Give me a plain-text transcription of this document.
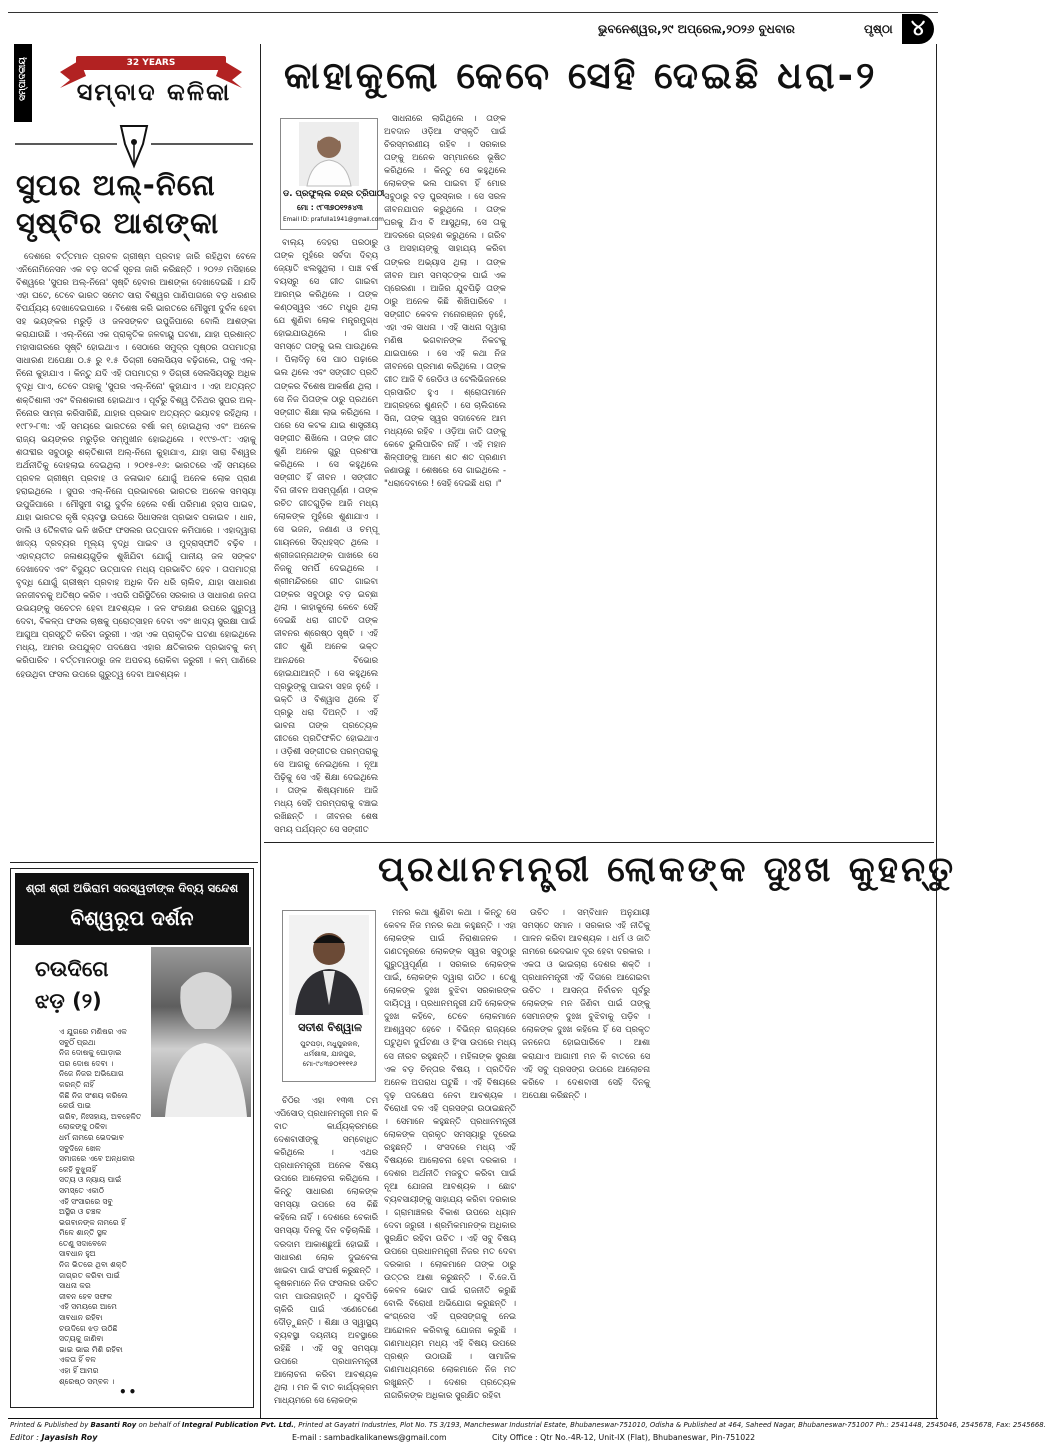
ଭୁବନେଶ୍ୱର,୨୯ ଅପ୍ରେଲ,୨୦୨୬ ବୁଧବାର	ପୃଷ୍ଠା ୪
ସମ୍ପାଦକୀୟ	32 YEARS
ସମ୍ବାଦ କଳିକା
ସୁପର ଅଲ୍-ନିନୋ
ସୃଷ୍ଟିର ଆଶଙ୍କା

ଦେଶରେ ବର୍ତ୍ତମାନ ପ୍ରବଳ ଗ୍ରୀଷ୍ମ ପ୍ରବାହ ଜାରି ରହିଥିବା ବେଳେ ଏନିନୋମିନେସନ ଏକ ବଡ଼ ସତର୍କ ସୂଚନା ଜାରି କରିଛନ୍ତି । ୨୦୨୬ ମସିହାରେ ବିଶ୍ୱରେ 'ସୁପର ଅଲ୍-ନିନୋ' ସୃଷ୍ଟି ହେବାର ଆଶଙ୍କା ଦେଖାଦେଇଛି । ଯଦି ଏହା ଘଟେ, ତେବେ ଭାରତ ସମେତ ସାରା ବିଶ୍ୱର ପାଣିପାଗରେ ବଡ଼ ଧରଣର ବିପର୍ଯ୍ୟୟ ଦେଖାଦେଇପାରେ । ବିଶେଷ କରି ଭାରତରେ ମୌସୁମୀ ଦୁର୍ବଳ ହେବା ସହ ଭୟଙ୍କର ମରୁଡ଼ି ଓ ଜଳସଙ୍କଟ ଉପୁଜିପାରେ ବୋଲି ଆଶଙ୍କା କରାଯାଉଛି । ଏଲ୍-ନିନୋ ଏକ ପ୍ରାକୃତିକ ଜଳବାୟୁ ଘଟଣା, ଯାହା ପ୍ରଶାନ୍ତ ମହାସାଗରରେ ସୃଷ୍ଟି ହୋଇଥାଏ । ସେଠାରେ ସମୁଦ୍ର ପୃଷ୍ଠର ତାପମାତ୍ରା ସାଧାରଣ ଅପେକ୍ଷା ୦.୫ ରୁ ୧.୫ ଡିଗ୍ରୀ ସେଲସିୟସ ବଢ଼ିଗଲେ, ତାକୁ ଏଲ୍-ନିନୋ କୁହାଯାଏ । କିନ୍ତୁ ଯଦି ଏହି ତାପମାତ୍ରା ୨ ଡିଗ୍ରୀ ସେଲସିୟସରୁ ଅଧିକ ବୃଦ୍ଧି ପାଏ, ତେବେ ତାହାକୁ 'ସୁପର ଏଲ୍-ନିନୋ' କୁହାଯାଏ । ଏହା ଅତ୍ୟନ୍ତ ଶକ୍ତିଶାଳୀ ଏବଂ ବିନାଶକାରୀ ହୋଇଥାଏ । ପୂର୍ବରୁ ବିଶ୍ୱ ତିନିଥର ସୁପର ଅଲ୍-ନିନୋର ସାମ୍ନା କରିସାରିଛି, ଯାହାର ପ୍ରଭାବ ଅତ୍ୟନ୍ତ ଭୟାବହ ରହିଥିଲା । ୧୯୮୨-୮୩: ଏହି ସମୟରେ ଭାରତରେ ବର୍ଷା କମ୍ ହୋଇଥିଲା ଏବଂ ଅନେକ ରାଜ୍ୟ ଭୟଙ୍କର ମରୁଡ଼ିର ସମ୍ମୁଖୀନ ହୋଇଥିଲେ । ୧୯୯୭-୯୮: ଏହାକୁ ଶତାବ୍ଦୀର ସବୁଠାରୁ ଶକ୍ତିଶାଳୀ ଅଲ୍-ନିନୋ କୁହାଯାଏ, ଯାହା ସାରା ବିଶ୍ୱର ଅର୍ଥନୀତିକୁ ଦୋହଲାଇ ଦେଇଥିଲା । ୨୦୧୫-୧୬: ଭାରତରେ ଏହି ସମୟରେ ପ୍ରବଳ ଗ୍ରୀଷ୍ମ ପ୍ରବାହ ଓ ଜଳାଭାବ ଯୋଗୁଁ ଅନେକ ଲୋକ ପ୍ରାଣ ହରାଇଥିଲେ । ସୁପର ଏଲ୍-ନିନୋ ପ୍ରଭାବରେ ଭାରତର ଅନେକ ସମସ୍ୟା ଉପୁଜିପାରେ । ମୌସୁମୀ ବାୟୁ ଦୁର୍ବଳ ହେଲେ ବର୍ଷା ପରିମାଣ ହ୍ରାସ ପାଇବ, ଯାହା ଭାରତର କୃଷି ବ୍ୟବସ୍ଥା ଉପରେ ସିଧାସଳଖ ପ୍ରଭାବ ପକାଇବ । ଧାନ, ଡାଲି ଓ ତୈଳବୀଜ ଭଳି ଖରିଫ ଫସଲର ଉତ୍ପାଦନ କମିପାରେ । ଏହାଦ୍ୱାରା ଖାଦ୍ୟ ଦ୍ରବ୍ୟର ମୂଲ୍ୟ ବୃଦ୍ଧି ପାଇବ ଓ ମୁଦ୍ରାସ୍ଫୀତି ବଢ଼ିବ । ଏହାବ୍ୟତୀତ ଜଳାଶୟଗୁଡ଼ିକ ଶୁଖିଯିବା ଯୋଗୁଁ ପାନୀୟ ଜଳ ସଙ୍କଟ ଦେଖାଦେବ ଏବଂ ବିଦ୍ୟୁତ ଉତ୍ପାଦନ ମଧ୍ୟ ପ୍ରଭାବିତ ହେବ । ତାପମାତ୍ରା ବୃଦ୍ଧି ଯୋଗୁଁ ଗ୍ରୀଷ୍ମ ପ୍ରବାହ ଅଧିକ ଦିନ ଧରି ଚାଲିବ, ଯାହା ସାଧାରଣ ଜନଜୀବନକୁ ଅତିଷ୍ଠ କରିବ । ଏପରି ପରିସ୍ଥିତିରେ ସରକାର ଓ ସାଧାରଣ ଜନତା ଉଭୟଙ୍କୁ ସଚେତନ ହେବା ଆବଶ୍ୟକ । ଜଳ ସଂରକ୍ଷଣ ଉପରେ ଗୁରୁତ୍ୱ ଦେବା, ବିକଳ୍ପ ଫସଲ ଚାଷକୁ ପ୍ରୋତ୍ସାହନ ଦେବା ଏବଂ ଖାଦ୍ୟ ସୁରକ୍ଷା ପାଇଁ ଆଗୁଆ ପ୍ରସ୍ତୁତି କରିବା ଜରୁରୀ । ଏହା ଏକ ପ୍ରାକୃତିକ ଘଟଣା ହୋଇଥିଲେ ମଧ୍ୟ, ଆମର ଉପଯୁକ୍ତ ପଦକ୍ଷେପ ଏହାର କ୍ଷତିକାରକ ପ୍ରଭାବକୁ କମ୍ କରିପାରିବ । ବର୍ତ୍ତମାନଠାରୁ ଜଳ ଅପଚୟ ରୋକିବା ଜରୁରୀ । କମ୍ ପାଣିରେ ହେଉଥିବା ଫସଲ ଉପରେ ଗୁରୁତ୍ୱ ଦେବା ଆବଶ୍ୟକ ।

ଶ୍ରୀ ଶ୍ରୀ ଅଭିରାମ ସରସ୍ୱତୀଙ୍କ ଦିବ୍ୟ ସନ୍ଦେଶ
ବିଶ୍ୱରୂପ ଦର୍ଶନ
ଚଉଦିଗେ
ଝଡ଼ (୨)
ଏ ଯୁଗରେ ମଣିଷର ଏକ
ସବୁଠିଁ ପ୍ରଥା
ନିଜ ଦୋଷକୁ ଘୋଡ଼ାଇ
ପର ଦୋଷ ଦେବା ।
ନିଜେ ନିଜର ଅଭିଯୋଗ
କରନ୍ତି ନାହିଁ
କିଛି ନିଜ ସଂଶୟ କରିଲେ
କେଉଁ ପାଇ
ଗରିବ, ନିଃସହାୟ, ଅବହେଳିତ
ଲୋକଙ୍କୁ ଠକିବା
ଧର୍ମ ନାମରେ ଭେଦଭାବ
ସବୁଦିନେ ଖେଳ
ସମାଜରେ ଏବେ ଅନ୍ଧକାର
କେହି ବୁଝୁନାହିଁ
ସତ୍ୟ ଓ ନ୍ୟାୟ ପାଇଁ
ସମସ୍ତେ ଏକାଠି
ଏହି ସଂସାରରେ ସବୁ
ଅସ୍ଥିର ଓ ଚଞ୍ଚଳ
ଭଗବାନଙ୍କ ନାମରେ ହିଁ
ମିଳେ ଶାନ୍ତି ସ୍ଥଳ
ତେଣୁ ସଦାବେଳେ
ସାବଧାନ ହୁଅ
ନିଜ ଭିତରେ ଥିବା ଶକ୍ତି
ଜାଗ୍ରତ କରିବା ପାଇଁ
ସାଧନା କର
ଜୀବନ ହେବ ସଫଳ
ଏହି ସମୟରେ ଆମେ
ସାବଧାନ ରହିବା
ଚଉଦିଗେ ଝଡ଼ ଉଠିଛି
ସତ୍ୟକୁ ଜାଣିବା
ଭାଇ ଭାଇ ମିଶି ରହିବା
ଏକତା ହିଁ ବଳ
ଏହା ହିଁ ଆମର
ଶ୍ରେଷ୍ଠ ସମ୍ବଳ ।
••
କାହାକୁଲୋ କେବେ ସେହି ଦେଇଛି ଧରା-୨
ଡ. ପ୍ରଫୁଲ୍ଲ ଚନ୍ଦ୍ର ତ୍ରିପାଠୀ
ମୋ : ୯୮୩୭୦୧୨୫୪୩
Email ID: prafulla1941@gmail.com

ବାଲ୍ୟ ଦେହରା ପରଠାରୁ ତାଙ୍କ ମୁହଁରେ ସର୍ବଦା ଦିବ୍ୟ ଜ୍ୟୋତି ଝଲସୁଥିଲା । ପାଞ୍ଚ ବର୍ଷ ବୟସରୁ ସେ ଗୀତ ଗାଇବା ଆରମ୍ଭ କରିଥିଲେ । ତାଙ୍କ କଣ୍ଠସ୍ୱର ଏତେ ମଧୁର ଥିଲା ଯେ ଶୁଣିବା ଲୋକ ମନ୍ତ୍ରମୁଗ୍ଧ ହୋଇଯାଉଥିଲେ । ଗାଁର ସମସ୍ତେ ତାଙ୍କୁ ଭଲ ପାଉଥିଲେ । ପିଲାଦିନୁ ସେ ପାଠ ପଢ଼ାରେ ଭଲ ଥିଲେ ଏବଂ ସଙ୍ଗୀତ ପ୍ରତି ତାଙ୍କର ବିଶେଷ ଆକର୍ଷଣ ଥିଲା । ସେ ନିଜ ପିତାଙ୍କ ଠାରୁ ପ୍ରଥମେ ସଙ୍ଗୀତ ଶିକ୍ଷା ଲାଭ କରିଥିଲେ । ପରେ ସେ କଟକ ଯାଇ ଶାସ୍ତ୍ରୀୟ ସଙ୍ଗୀତ ଶିଖିଲେ । ତାଙ୍କ ଗୀତ ଶୁଣି ଅନେକ ଗୁରୁ ପ୍ରଶଂସା କରିଥିଲେ । ସେ କହୁଥିଲେ ସଙ୍ଗୀତ ହିଁ ଜୀବନ । ସଙ୍ଗୀତ ବିନା ଜୀବନ ଅସମ୍ପୂର୍ଣ୍ଣ । ତାଙ୍କ ରଚିତ ଗୀତଗୁଡ଼ିକ ଆଜି ମଧ୍ୟ ଲୋକଙ୍କ ମୁହଁରେ ଶୁଣାଯାଏ । ସେ ଭଜନ, ଜଣାଣ ଓ ଚମ୍ପୂ ଗାୟନରେ ସିଦ୍ଧହସ୍ତ ଥିଲେ । ଶ୍ରୀଜଗନ୍ନାଥଙ୍କ ପାଖରେ ସେ ନିଜକୁ ସମର୍ପି ଦେଇଥିଲେ । ଶ୍ରୀମନ୍ଦିରରେ ଗୀତ ଗାଇବା ତାଙ୍କର ସବୁଠାରୁ ବଡ଼ ଇଚ୍ଛା ଥିଲା । କାହାକୁଲୋ କେବେ ସେହି ଦେଇଛି ଧରା ଗୀତଟି ତାଙ୍କ ଜୀବନର ଶ୍ରେଷ୍ଠ ସୃଷ୍ଟି । ଏହି ଗୀତ ଶୁଣି ଅନେକ ଭକ୍ତ ଆନନ୍ଦରେ ବିଭୋର ହୋଇଯାଆନ୍ତି । ସେ କହୁଥିଲେ ପ୍ରଭୁଙ୍କୁ ପାଇବା ସହଜ ନୁହେଁ । ଭକ୍ତି ଓ ବିଶ୍ୱାସ ଥିଲେ ହିଁ ପ୍ରଭୁ ଧରା ଦିଅନ୍ତି । ଏହି ଭାବନା ତାଙ୍କ ପ୍ରତ୍ୟେକ ଗୀତରେ ପ୍ରତିଫଳିତ ହୋଇଥାଏ । ଓଡ଼ିଶୀ ସଙ୍ଗୀତର ପରମ୍ପରାକୁ ସେ ଆଗକୁ ନେଇଥିଲେ । ନୂଆ ପିଢ଼ିକୁ ସେ ଏହି ଶିକ୍ଷା ଦେଇଥିଲେ । ତାଙ୍କ ଶିଷ୍ୟମାନେ ଆଜି ମଧ୍ୟ ସେହି ପରମ୍ପରାକୁ ବଞ୍ଚାଇ ରଖିଛନ୍ତି । ଜୀବନର ଶେଷ ସମୟ ପର୍ଯ୍ୟନ୍ତ ସେ ସଙ୍ଗୀତ

ସାଧନାରେ ଲାଗିଥିଲେ । ତାଙ୍କ ଅବଦାନ ଓଡ଼ିଆ ସଂସ୍କୃତି ପାଇଁ ଚିରସ୍ମରଣୀୟ ରହିବ । ସରକାର ତାଙ୍କୁ ଅନେକ ସମ୍ମାନରେ ଭୂଷିତ କରିଥିଲେ । କିନ୍ତୁ ସେ କହୁଥିଲେ ଲୋକଙ୍କ ଭଲ ପାଇବା ହିଁ ମୋର ସବୁଠାରୁ ବଡ଼ ପୁରସ୍କାର । ସେ ସରଳ ଜୀବନଯାପନ କରୁଥିଲେ । ତାଙ୍କ ଘରକୁ ଯିଏ ବି ଆସୁଥିଲା, ସେ ତାକୁ ଆଦରରେ ଗ୍ରହଣ କରୁଥିଲେ । ଗରିବ ଓ ଅସହାୟଙ୍କୁ ସାହାଯ୍ୟ କରିବା ତାଙ୍କର ଅଭ୍ୟାସ ଥିଲା । ତାଙ୍କ ଜୀବନ ଆମ ସମସ୍ତଙ୍କ ପାଇଁ ଏକ ପ୍ରେରଣା । ଆଜିର ଯୁବପିଢ଼ି ତାଙ୍କ ଠାରୁ ଅନେକ କିଛି ଶିଖିପାରିବେ । ସଙ୍ଗୀତ କେବଳ ମନୋରଞ୍ଜନ ନୁହେଁ, ଏହା ଏକ ସାଧନା । ଏହି ସାଧନା ଦ୍ୱାରା ମଣିଷ ଭଗବାନଙ୍କ ନିକଟକୁ ଯାଇପାରେ । ସେ ଏହି କଥା ନିଜ ଜୀବନରେ ପ୍ରମାଣ କରିଥିଲେ । ତାଙ୍କ ଗୀତ ଆଜି ବି ରେଡିଓ ଓ ଟେଲିଭିଜନରେ ପ୍ରସାରିତ ହୁଏ । ଶ୍ରୋତାମାନେ ଆଗ୍ରହରେ ଶୁଣନ୍ତି । ସେ ଚାଲିଗଲେ ସିନା, ତାଙ୍କ ସ୍ୱର ସଦାବେଳେ ଆମ ମଧ୍ୟରେ ରହିବ । ଓଡ଼ିଆ ଜାତି ତାଙ୍କୁ କେବେ ଭୁଲିପାରିବ ନାହିଁ । ଏହି ମହାନ ଶିଳ୍ପୀଙ୍କୁ ଆମେ ଶତ ଶତ ପ୍ରଣାମ ଜଣାଉଛୁ । ଶେଷରେ ସେ ଗାଇଥିଲେ - "ଧରାଦେବାରେ ! ସେହି ଦେଇଛି ଧରା ।"

ପ୍ରଧାନମନ୍ତ୍ରୀ ଲୋକଙ୍କ ଦୁଃଖ କୁହନ୍ତୁ
ସତୀଶ ବିଶ୍ୱାଳ
ପୁଟପଡ଼ା, ମଧୁପୁରକଳ, ଧର୍ମଶାଳା, ଯାଜପୁର, ମୋ-୯୪୩୭୦୧୧୧୧୬

ଚିଠିର ଏହା ୧୩୩ ତମ ଏପିସୋଡ୍ ପ୍ରଧାନମନ୍ତ୍ରୀ ମନ କି ବାତ କାର୍ଯ୍ୟକ୍ରମରେ ଦେଶବାସୀଙ୍କୁ ସମ୍ବୋଧିତ କରିଥିଲେ । ଏଥର ପ୍ରଧାନମନ୍ତ୍ରୀ ଅନେକ ବିଷୟ ଉପରେ ଆଲୋଚନା କରିଥିଲେ । କିନ୍ତୁ ସାଧାରଣ ଲୋକଙ୍କ ସମସ୍ୟା ଉପରେ ସେ କିଛି କହିଲେ ନାହିଁ । ଦେଶରେ ବେକାରି ସମସ୍ୟା ଦିନକୁ ଦିନ ବଢ଼ିଚାଲିଛି । ଦରଦାମ ଆକାଶଛୁଆଁ ହୋଇଛି । ସାଧାରଣ ଲୋକ ଦୁଇବେଳା ଖାଇବା ପାଇଁ ସଂଘର୍ଷ କରୁଛନ୍ତି । କୃଷକମାନେ ନିଜ ଫସଲର ଉଚିତ ଦାମ ପାଉନାହାନ୍ତି । ଯୁବପିଢ଼ି ଚାକିରି ପାଇଁ ଏଣେତେଣେ ଦୌଡ଼ୁଛନ୍ତି । ଶିକ୍ଷା ଓ ସ୍ୱାସ୍ଥ୍ୟ ବ୍ୟବସ୍ଥା ଦୟନୀୟ ଅବସ୍ଥାରେ ରହିଛି । ଏହି ସବୁ ସମସ୍ୟା ଉପରେ ପ୍ରଧାନମନ୍ତ୍ରୀ ଆଲୋଚନା କରିବା ଆବଶ୍ୟକ ଥିଲା । ମନ କି ବାତ କାର୍ଯ୍ୟକ୍ରମ ମାଧ୍ୟମରେ ସେ ଲୋକଙ୍କ

ମନର କଥା ଶୁଣିବା କଥା । କିନ୍ତୁ ସେ କେବଳ ନିଜ ମନର କଥା କହୁଛନ୍ତି । ଏହା ଲୋକଙ୍କ ପାଇଁ ନିରାଶାଜନକ । ଗଣତନ୍ତ୍ରରେ ଲୋକଙ୍କ ସ୍ୱର ସବୁଠାରୁ ଗୁରୁତ୍ୱପୂର୍ଣ୍ଣ । ସରକାର ଲୋକଙ୍କ ପାଇଁ, ଲୋକଙ୍କ ଦ୍ୱାରା ଗଠିତ । ତେଣୁ ଲୋକଙ୍କ ଦୁଃଖ ବୁଝିବା ସରକାରଙ୍କ ଦାୟିତ୍ୱ । ପ୍ରଧାନମନ୍ତ୍ରୀ ଯଦି ଲୋକଙ୍କ ଦୁଃଖ କହିବେ, ତେବେ ଲୋକମାନେ ଆଶ୍ୱସ୍ତ ହେବେ । ବିଭିନ୍ନ ରାଜ୍ୟରେ ଘଟୁଥିବା ଦୁର୍ଘଟଣା ଓ ହିଂସା ଉପରେ ମଧ୍ୟ ସେ ନୀରବ ରହୁଛନ୍ତି । ମହିଳାଙ୍କ ସୁରକ୍ଷା ଏକ ବଡ଼ ଚିନ୍ତାର ବିଷୟ । ପ୍ରତିଦିନ ଅନେକ ଅପରାଧ ଘଟୁଛି । ଏହି ବିଷୟରେ ଦୃଢ଼ ପଦକ୍ଷେପ ନେବା ଆବଶ୍ୟକ । ବିରୋଧୀ ଦଳ ଏହି ପ୍ରସଙ୍ଗ ଉଠାଇଛନ୍ତି । ସେମାନେ କହୁଛନ୍ତି ପ୍ରଧାନମନ୍ତ୍ରୀ ଲୋକଙ୍କ ପ୍ରକୃତ ସମସ୍ୟାରୁ ଦୂରେଇ ରହୁଛନ୍ତି । ସଂସଦରେ ମଧ୍ୟ ଏହି ବିଷୟରେ ଆଲୋଚନା ହେବା ଦରକାର । ଦେଶର ଅର୍ଥନୀତି ମଜବୁତ କରିବା ପାଇଁ ନୂଆ ଯୋଜନା ଆବଶ୍ୟକ । ଛୋଟ ବ୍ୟବସାୟୀଙ୍କୁ ସାହାଯ୍ୟ କରିବା ଦରକାର । ଗ୍ରାମାଞ୍ଚଳର ବିକାଶ ଉପରେ ଧ୍ୟାନ ଦେବା ଜରୁରୀ । ଶ୍ରମିକମାନଙ୍କ ଅଧିକାର ସୁରକ୍ଷିତ ରହିବା ଉଚିତ । ଏହି ସବୁ ବିଷୟ ଉପରେ ପ୍ରଧାନମନ୍ତ୍ରୀ ନିଜର ମତ ଦେବା ଦରକାର । ଲୋକମାନେ ତାଙ୍କ ଠାରୁ ଉତ୍ତର ଆଶା କରୁଛନ୍ତି । ବି.ଜେ.ପି କେବଳ ଭୋଟ ପାଇଁ ରାଜନୀତି କରୁଛି ବୋଲି ବିରୋଧୀ ଅଭିଯୋଗ କରୁଛନ୍ତି । କଂଗ୍ରେସ ଏହି ପ୍ରସଙ୍ଗକୁ ନେଇ ଆନ୍ଦୋଳନ କରିବାକୁ ଯୋଜନା କରୁଛି । ଗଣମାଧ୍ୟମ ମଧ୍ୟ ଏହି ବିଷୟ ଉପରେ ପ୍ରଶ୍ନ ଉଠାଉଛି । ସାମାଜିକ ଗଣମାଧ୍ୟମରେ ଲୋକମାନେ ନିଜ ମତ ରଖୁଛନ୍ତି । ଦେଶର ପ୍ରତ୍ୟେକ ନାଗରିକଙ୍କ ଅଧିକାର ସୁରକ୍ଷିତ ରହିବା

ଉଚିତ । ସମ୍ବିଧାନ ଅନୁଯାୟୀ ସମସ୍ତେ ସମାନ । ସରକାର ଏହି ନୀତିକୁ ପାଳନ କରିବା ଆବଶ୍ୟକ । ଧର୍ମ ଓ ଜାତି ନାମରେ ଭେଦଭାବ ଦୂର ହେବା ଦରକାର । ଏକତା ଓ ଭାଇଚାରା ଦେଶର ଶକ୍ତି । ପ୍ରଧାନମନ୍ତ୍ରୀ ଏହି ଦିଗରେ ଆଗେଇବା ଉଚିତ । ଆସନ୍ତା ନିର୍ବାଚନ ପୂର୍ବରୁ ଲୋକଙ୍କ ମନ ଜିଣିବା ପାଇଁ ତାଙ୍କୁ ସେମାନଙ୍କ ଦୁଃଖ ବୁଝିବାକୁ ପଡ଼ିବ । ଲୋକଙ୍କ ଦୁଃଖ କହିଲେ ହିଁ ସେ ପ୍ରକୃତ ଜନନେତା ହୋଇପାରିବେ । ଆଶା କରାଯାଏ ଆଗାମୀ ମନ କି ବାତରେ ସେ ଏହି ସବୁ ପ୍ରସଙ୍ଗ ଉପରେ ଆଲୋଚନା କରିବେ । ଦେଶବାସୀ ସେହି ଦିନକୁ ଅପେକ୍ଷା କରିଛନ୍ତି ।

Printed & Published by Basanti Roy on behalf of Integral Publication Pvt. Ltd., Printed at Gayatri Industries, Plot No. TS 3/193, Mancheswar Industrial Estate, Bhubaneswar-751010, Odisha & Published at 464, Saheed Nagar, Bhubaneswar-751007 Ph.: 2541448, 2545046, 2545678, Fax: 2545668.
Editor : Jayasish Roy	E-mail : sambadkalikanews@gmail.com	City Office : Qtr No.-4R-12, Unit-IX (Flat), Bhubaneswar, Pin-751022
